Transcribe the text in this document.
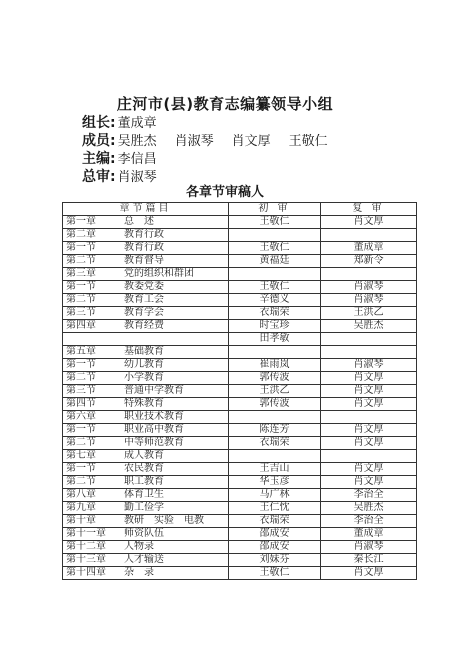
庄河市(县)教育志编纂领导小组
组长: 董成章
成员: 吴胜杰 肖淑琴 肖文厚 王敬仁
主编: 李信昌
总审: 肖淑琴
各章节审稿人
章节篇目	初 审	复 审
第一章 总　述	王敬仁	肖文厚
第二章 教育行政		
第一节 教育行政	王敬仁	董成章
第二节 教育督导	黄福廷	郑新令
第三章 党的组织和群团		
第一节 教委党委	王敬仁	肖淑琴
第二节 教育工会	辛德义	肖淑琴
第三节 教育学会	衣瑞荣	王洪乙
第四章 教育经费	时宝珍	吴胜杰
	田孝敏	
第五章 基础教育		
第一节 幼儿教育	崔雨岚	肖淑琴
第二节 小学教育	郭传波	肖文厚
第三节 普通中学教育	王洪乙	肖文厚
第四节 特殊教育	郭传波	肖文厚
第六章 职业技术教育		
第一节 职业高中教育	陈连芳	肖文厚
第二节 中等师范教育	衣瑞荣	肖文厚
第七章 成人教育		
第一节 农民教育	王吉山	肖文厚
第二节 职工教育	华玉彦	肖文厚
第八章 体育卫生	马广林	李治全
第九章 勤工俭学	王仁忱	吴胜杰
第十章 教研　实验　电教	衣瑞荣	李治全
第十一章 师资队伍	邵成安	董成章
第十二章 人物录	邵成安	肖淑琴
第十三章 人才输送	刘妹芬	秦长江
第十四章 杂　录	王敬仁	肖文厚
